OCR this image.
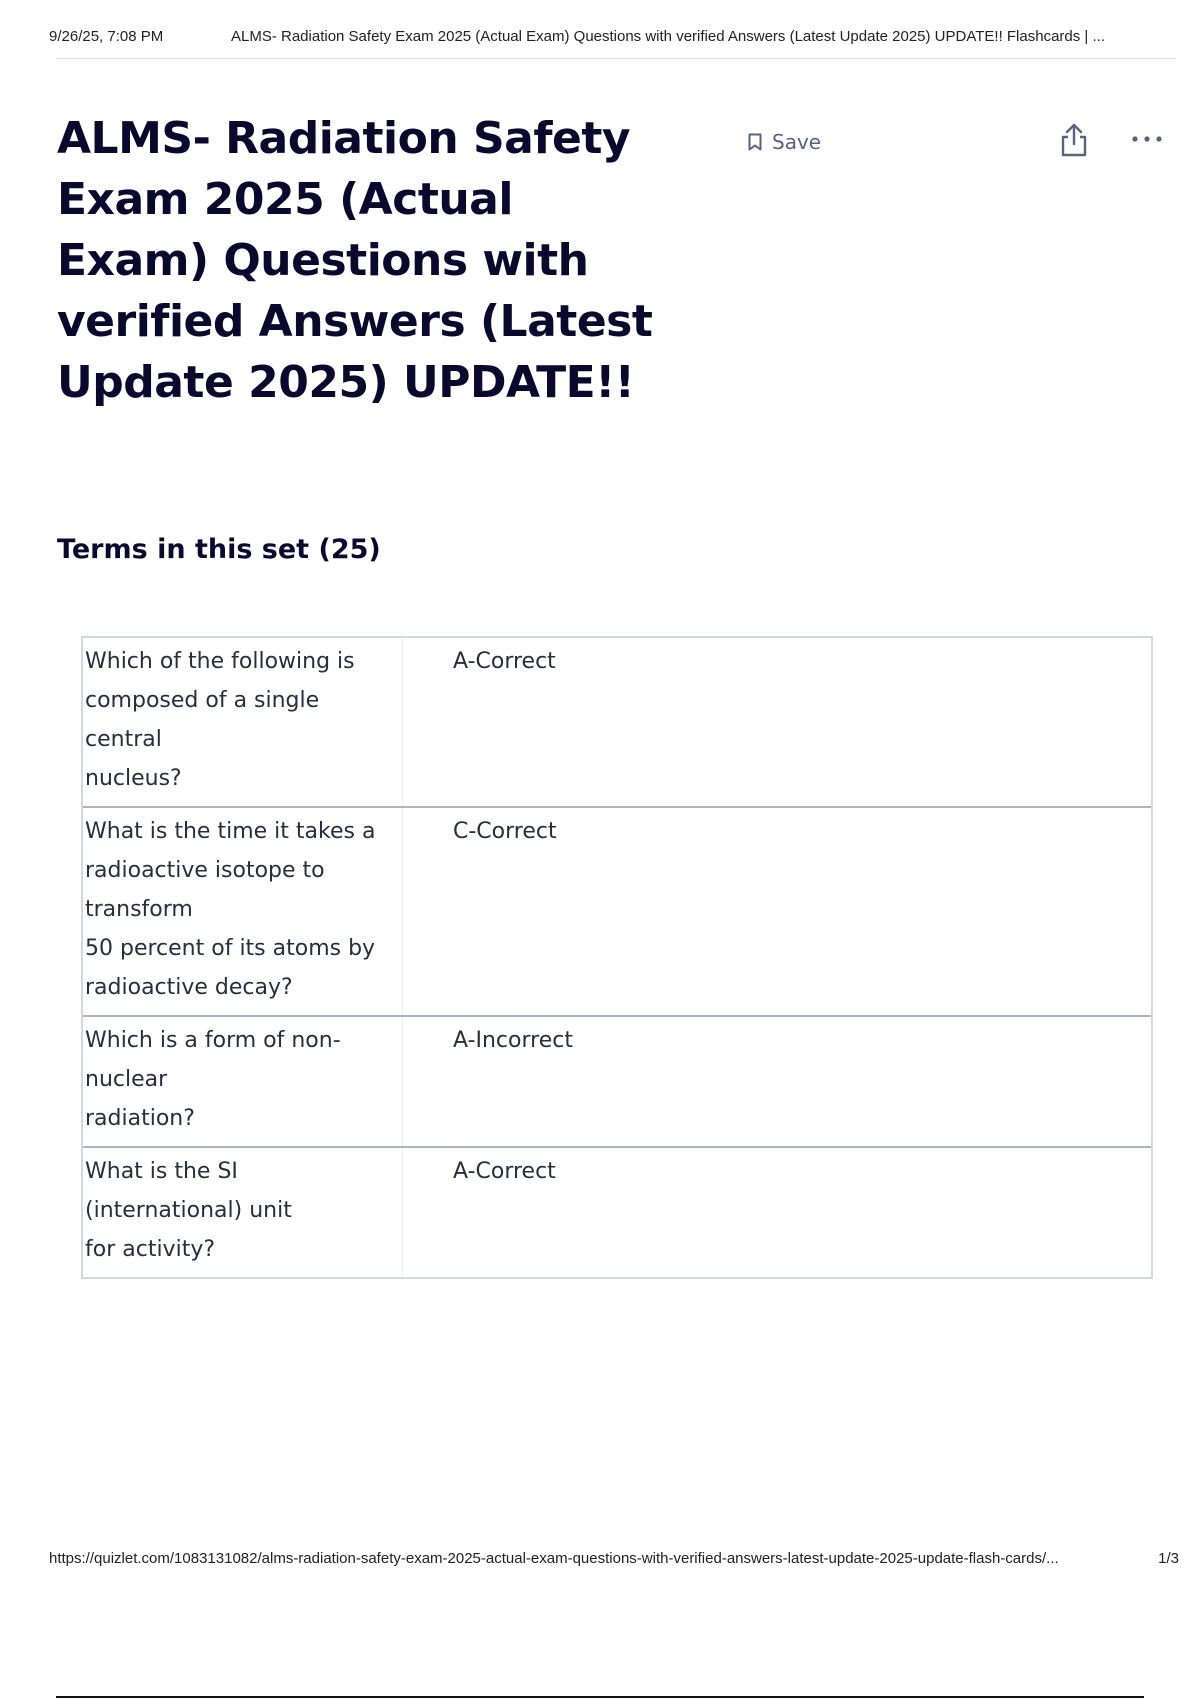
9/26/25, 7:08 PM	ALMS- Radiation Safety Exam 2025 (Actual Exam) Questions with verified Answers (Latest Update 2025) UPDATE!! Flashcards | ...
ALMS- Radiation Safety Exam 2025 (Actual Exam) Questions with verified Answers (Latest Update 2025) UPDATE!!
Save
Terms in this set (25)
Which of the following is
composed of a single
central
nucleus?
A-Correct
What is the time it takes a
radioactive isotope to
transform
50 percent of its atoms by
radioactive decay?
C-Correct
Which is a form of non-
nuclear
radiation?
A-Incorrect
What is the SI
(international) unit
for activity?
A-Correct
https://quizlet.com/1083131082/alms-radiation-safety-exam-2025-actual-exam-questions-with-verified-answers-latest-update-2025-update-flash-cards/...	1/3
